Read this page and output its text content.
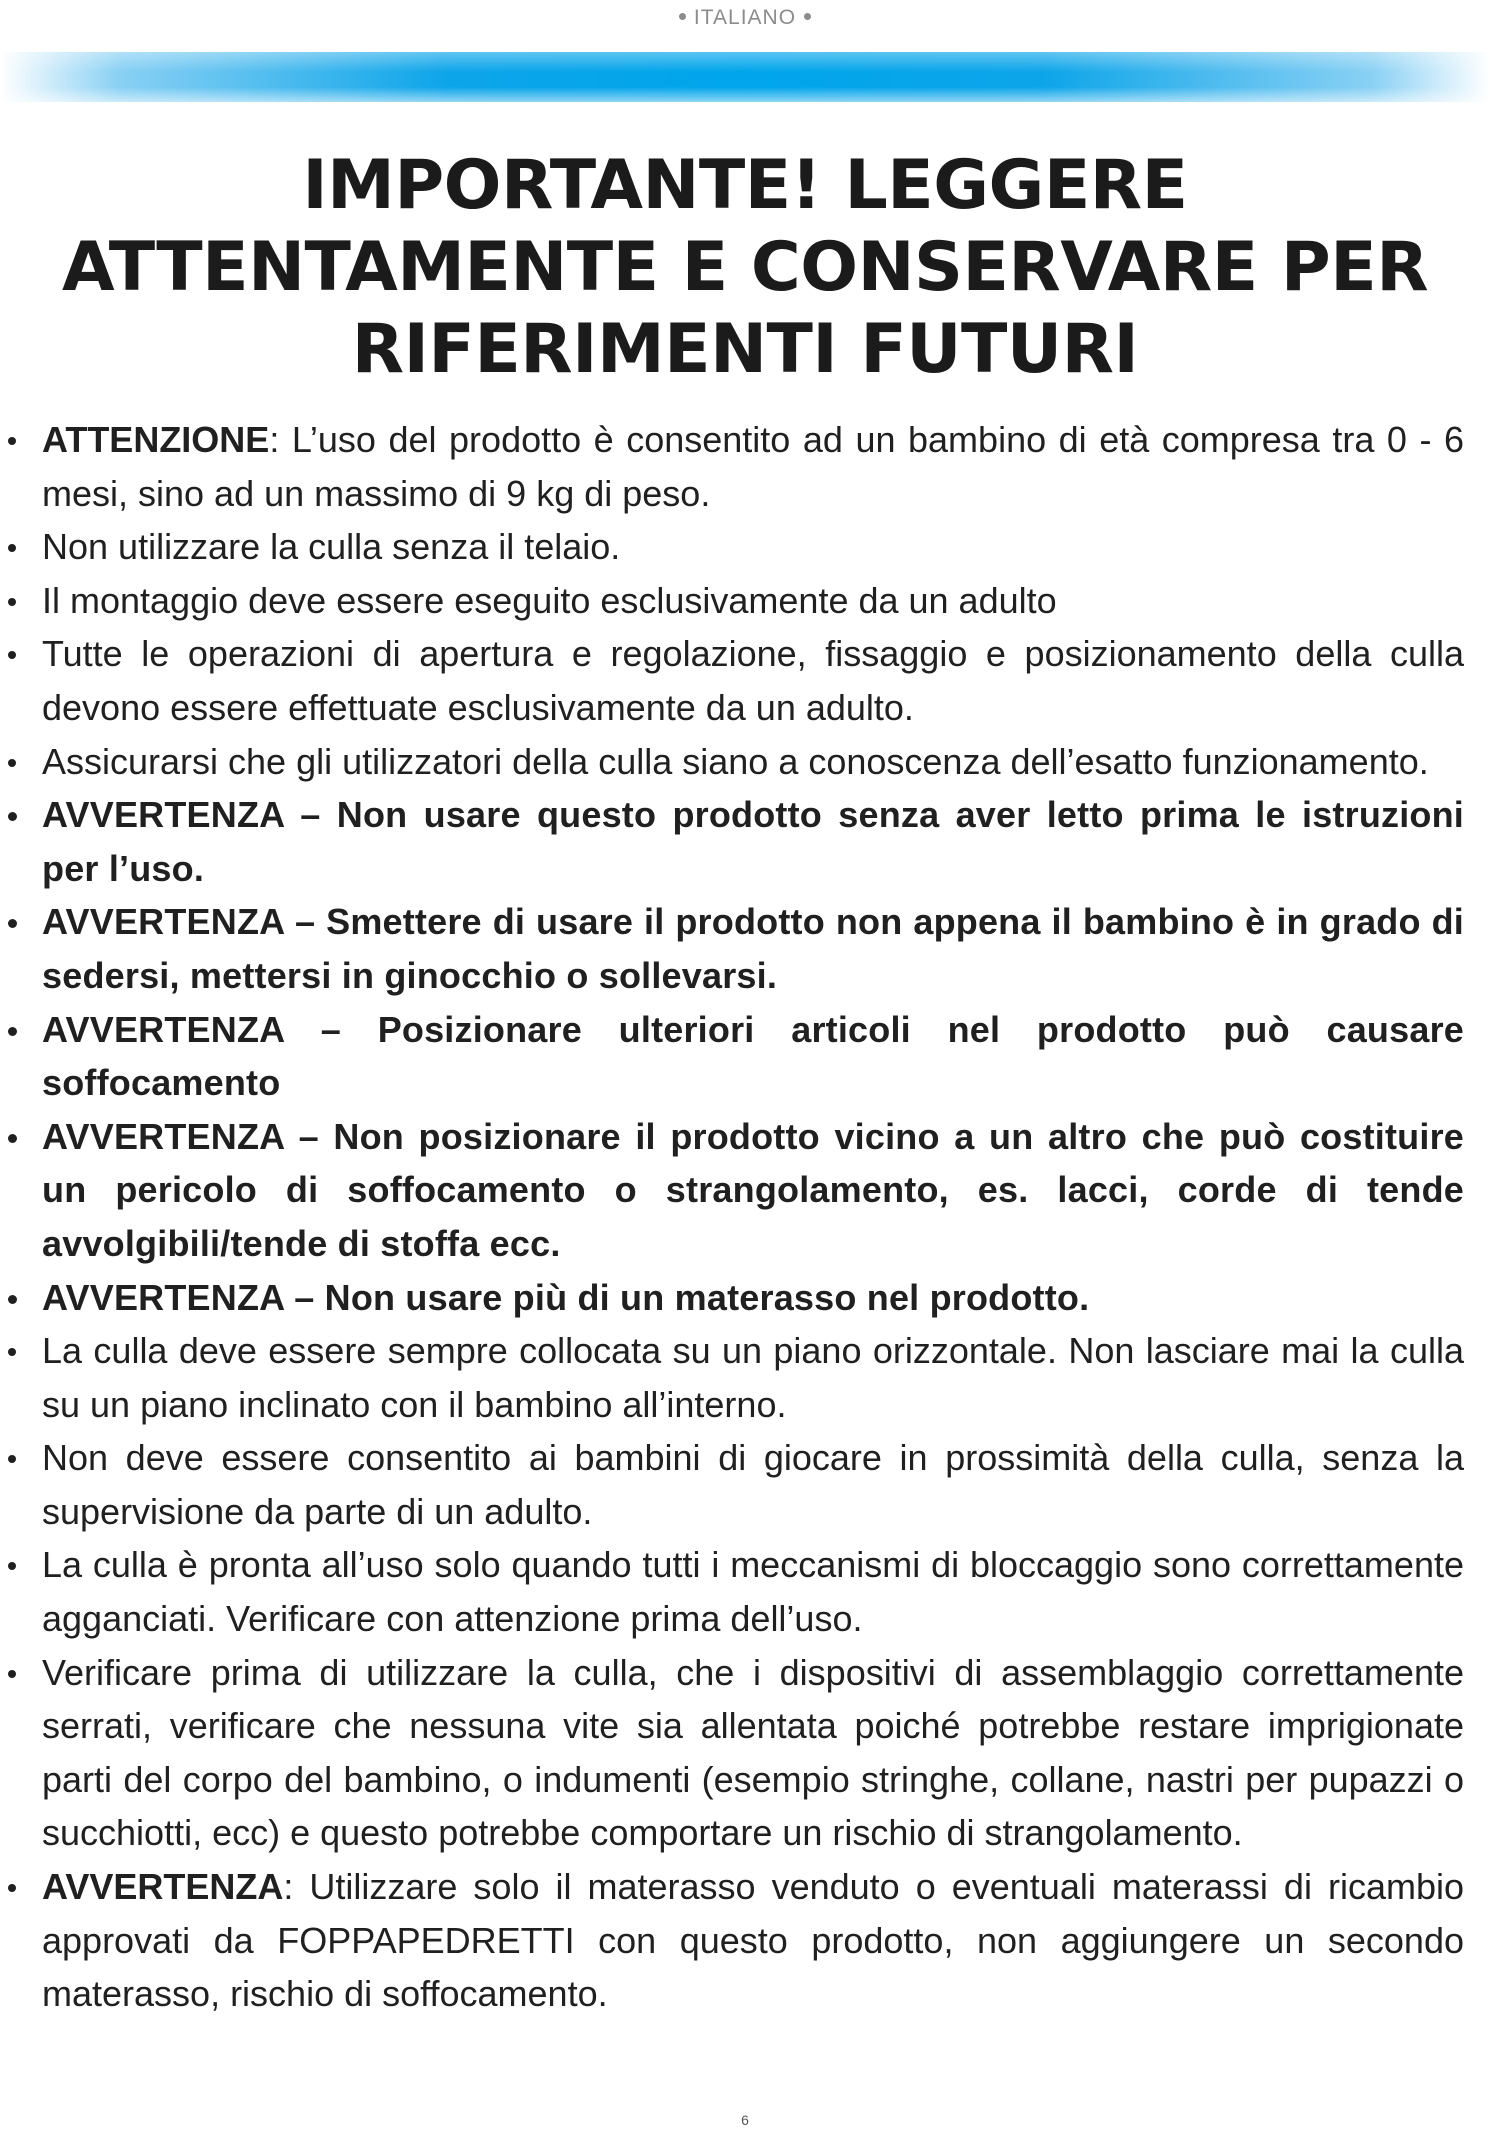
ITALIANO
IMPORTANTE! LEGGERE ATTENTAMENTE E CONSERVARE PER RIFERIMENTI FUTURI
ATTENZIONE: L’uso del prodotto è consentito ad un bambino di età compresa tra 0 - 6 mesi, sino ad un massimo di 9 kg di peso.
Non utilizzare la culla senza il telaio.
Il montaggio deve essere eseguito esclusivamente da un adulto
Tutte le operazioni di apertura e regolazione, fissaggio e posizionamento della culla devono essere effettuate esclusivamente da un adulto.
Assicurarsi che gli utilizzatori della culla siano a conoscenza dell’esatto funzionamento.
AVVERTENZA – Non usare questo prodotto senza aver letto prima le istruzioni per l’uso.
AVVERTENZA – Smettere di usare il prodotto non appena il bambino è in grado di sedersi, mettersi in ginocchio o sollevarsi.
AVVERTENZA – Posizionare ulteriori articoli nel prodotto può causare soffocamento
AVVERTENZA – Non posizionare il prodotto vicino a un altro che può costituire un pericolo di soffocamento o strangolamento, es. lacci, corde di tende avvolgibili/tende di stoffa ecc.
AVVERTENZA – Non usare più di un materasso nel prodotto.
La culla deve essere sempre collocata su un piano orizzontale. Non lasciare mai la culla su un piano inclinato con il bambino all’interno.
Non deve essere consentito ai bambini di giocare in prossimità della culla, senza la supervisione da parte di un adulto.
La culla è pronta all’uso solo quando tutti i meccanismi di bloccaggio sono correttamente agganciati. Verificare con attenzione prima dell’uso.
Verificare prima di utilizzare la culla, che i dispositivi di assemblaggio correttamente serrati, verificare che nessuna vite sia allentata poiché potrebbe restare imprigionate parti del corpo del bambino, o indumenti (esempio stringhe, collane, nastri per pupazzi o succhiotti, ecc) e questo potrebbe comportare un rischio di strangolamento.
AVVERTENZA: Utilizzare solo il materasso venduto o eventuali materassi di ricambio approvati da FOPPAPEDRETTI con questo prodotto, non aggiungere un secondo materasso, rischio di soffocamento.
6
